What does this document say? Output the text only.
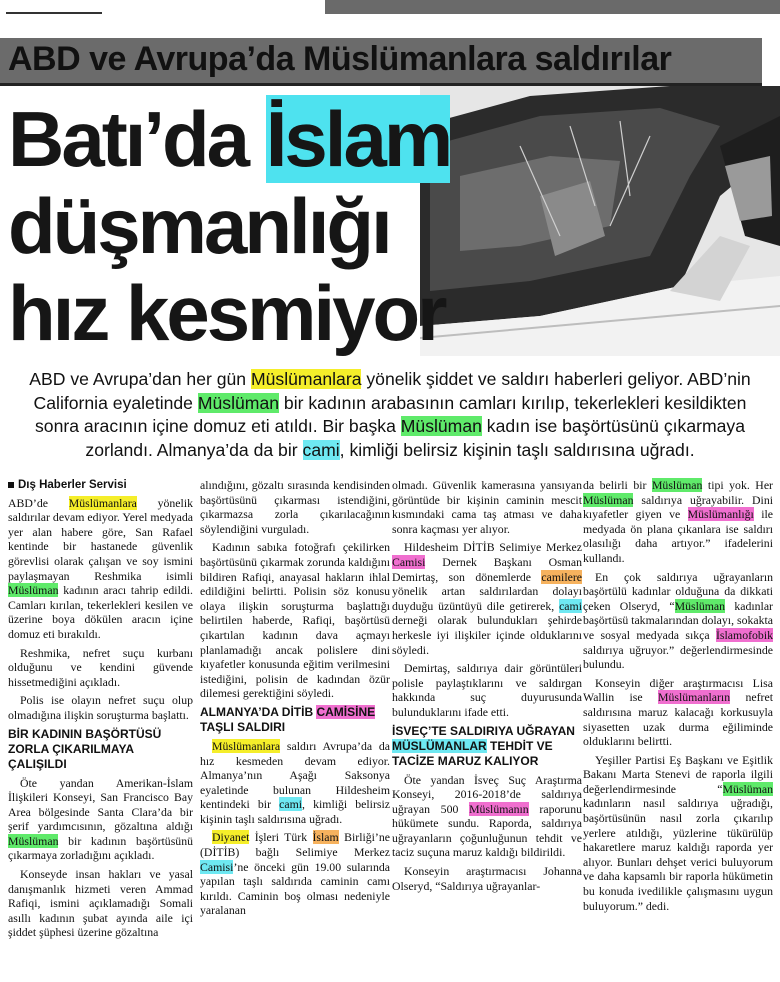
ABD ve Avrupa’da Müslümanlara saldırılar
Batı’da İslam
düşmanlığı
hız kesmiyor
ABD ve Avrupa’dan her gün Müslümanlara yönelik şiddet ve saldırı haberleri geliyor. ABD’nin California eyaletinde Müslüman bir kadının arabasının camları kırılıp, tekerlekleri kesildikten sonra aracının içine domuz eti atıldı. Bir başka Müslüman kadın ise başörtüsünü çıkarmaya zorlandı. Almanya’da da bir cami, kimliği belirsiz kişinin taşlı saldırısına uğradı.
Dış Haberler Servisi

ABD’de Müslümanlara yönelik saldırılar devam ediyor. Yerel medyada yer alan habere göre, San Rafael kentinde bir hastanede güvenlik görevlisi olarak çalışan ve soy ismini paylaşmayan Reshmika isimli Müslüman kadının aracı tahrip edildi. Camları kırılan, tekerlekleri kesilen ve üzerine boya dökülen aracın içine domuz eti bırakıldı.

Reshmika, nefret suçu kurbanı olduğunu ve kendini güvende hissetmediğini açıkladı.

Polis ise olayın nefret suçu olup olmadığına ilişkin soruşturma başlattı.

BİR KADININ BAŞÖRTÜSÜ ZORLA ÇIKARILMAYA ÇALIŞILDI

Öte yandan Amerikan-İslam İlişkileri Konseyi, San Francisco Bay Area bölgesinde Santa Clara’da bir şerif yardımcısının, gözaltına aldığı Müslüman bir kadının başörtüsünü çıkarmaya zorladığını açıkladı.

Konseyde insan hakları ve yasal danışmanlık hizmeti veren Ammad Rafiqi, ismini açıklamadığı Somali asıllı kadının şubat ayında aile içi şiddet şüphesi üzerine gözaltına

alındığını, gözaltı sırasında kendisinden başörtüsünü çıkarması istendiğini, çıkarmazsa zorla çıkarılacağının söylendiğini vurguladı.

Kadının sabıka fotoğrafı çekilirken başörtüsünü çıkarmak zorunda kaldığını bildiren Rafiqi, anayasal hakların ihlal edildiğini belirtti. Polisin söz konusu olaya ilişkin soruşturma başlattığı belirtilen haberde, Rafiqi, başörtüsü çıkartılan kadının dava açmayı planlamadığı ancak polislere dini kıyafetler konusunda eğitim verilmesini istediğini, polisin de kadından özür dilemesi gerektiğini söyledi.

ALMANYA’DA DİTİB CAMİSİNE TAŞLI SALDIRI

Müslümanlara saldırı Avrupa’da da hız kesmeden devam ediyor. Almanya’nın Aşağı Saksonya eyaletinde bulunan Hildesheim kentindeki bir cami, kimliği belirsiz kişinin taşlı saldırısına uğradı.

Diyanet İşleri Türk İslam Birliği’ne (DİTİB) bağlı Selimiye Merkez Camisi’ne önceki gün 19.00 sularında yapılan taşlı saldırıda caminin camı kırıldı. Caminin boş olması nedeniyle yaralanan

olmadı. Güvenlik kamerasına yansıyan görüntüde bir kişinin caminin mescit kısmındaki cama taş atması ve daha sonra kaçması yer alıyor.

Hildesheim DİTİB Selimiye Merkez Camisi Dernek Başkanı Osman Demirtaş, son dönemlerde camilere yönelik artan saldırılardan dolayı duyduğu üzüntüyü dile getirerek, cami derneği olarak bulundukları şehirde herkesle iyi ilişkiler içinde olduklarını söyledi.

Demirtaş, saldırıya dair görüntüleri polisle paylaştıklarını ve saldırgan hakkında suç duyurusunda bulunduklarını ifade etti.

İSVEÇ’TE SALDIRIYA UĞRAYAN MÜSLÜMANLAR TEHDİT VE TACİZE MARUZ KALIYOR

Öte yandan İsveç Suç Araştırma Konseyi, 2016-2018’de saldırıya uğrayan 500 Müslümanın raporunu hükümete sundu. Raporda, saldırıya uğrayanların çoğunluğunun tehdit ve taciz suçuna maruz kaldığı bildirildi.

Konseyin araştırmacısı Johanna Olseryd, “Saldırıya uğrayanlar-

da belirli bir Müslüman tipi yok. Her Müslüman saldırıya uğrayabilir. Dini kıyafetler giyen ve Müslümanlığı ile medyada ön plana çıkanlara ise saldırı olasılığı daha artıyor.” ifadelerini kullandı.

En çok saldırıya uğrayanların başörtülü kadınlar olduğuna da dikkati çeken Olseryd, “Müslüman kadınlar başörtüsü takmalarından dolayı, sokakta ve sosyal medyada sıkça İslamofobik saldırıya uğruyor.” değerlendirmesinde bulundu.

Konseyin diğer araştırmacısı Lisa Wallin ise Müslümanların nefret saldırısına maruz kalacağı korkusuyla siyasetten uzak durma eğiliminde olduklarını belirtti.

Yeşiller Partisi Eş Başkanı ve Eşitlik Bakanı Marta Stenevi de raporla ilgili değerlendirmesinde “Müslüman kadınların nasıl saldırıya uğradığı, başörtüsünün nasıl zorla çıkarılıp yerlere atıldığı, yüzlerine tükürülüp hakaretlere maruz kaldığı raporda yer alıyor. Bunları dehşet verici buluyorum ve daha kapsamlı bir raporla hükümetin bu konuda ivedilikle çalışmasını uygun buluyorum.” dedi.
